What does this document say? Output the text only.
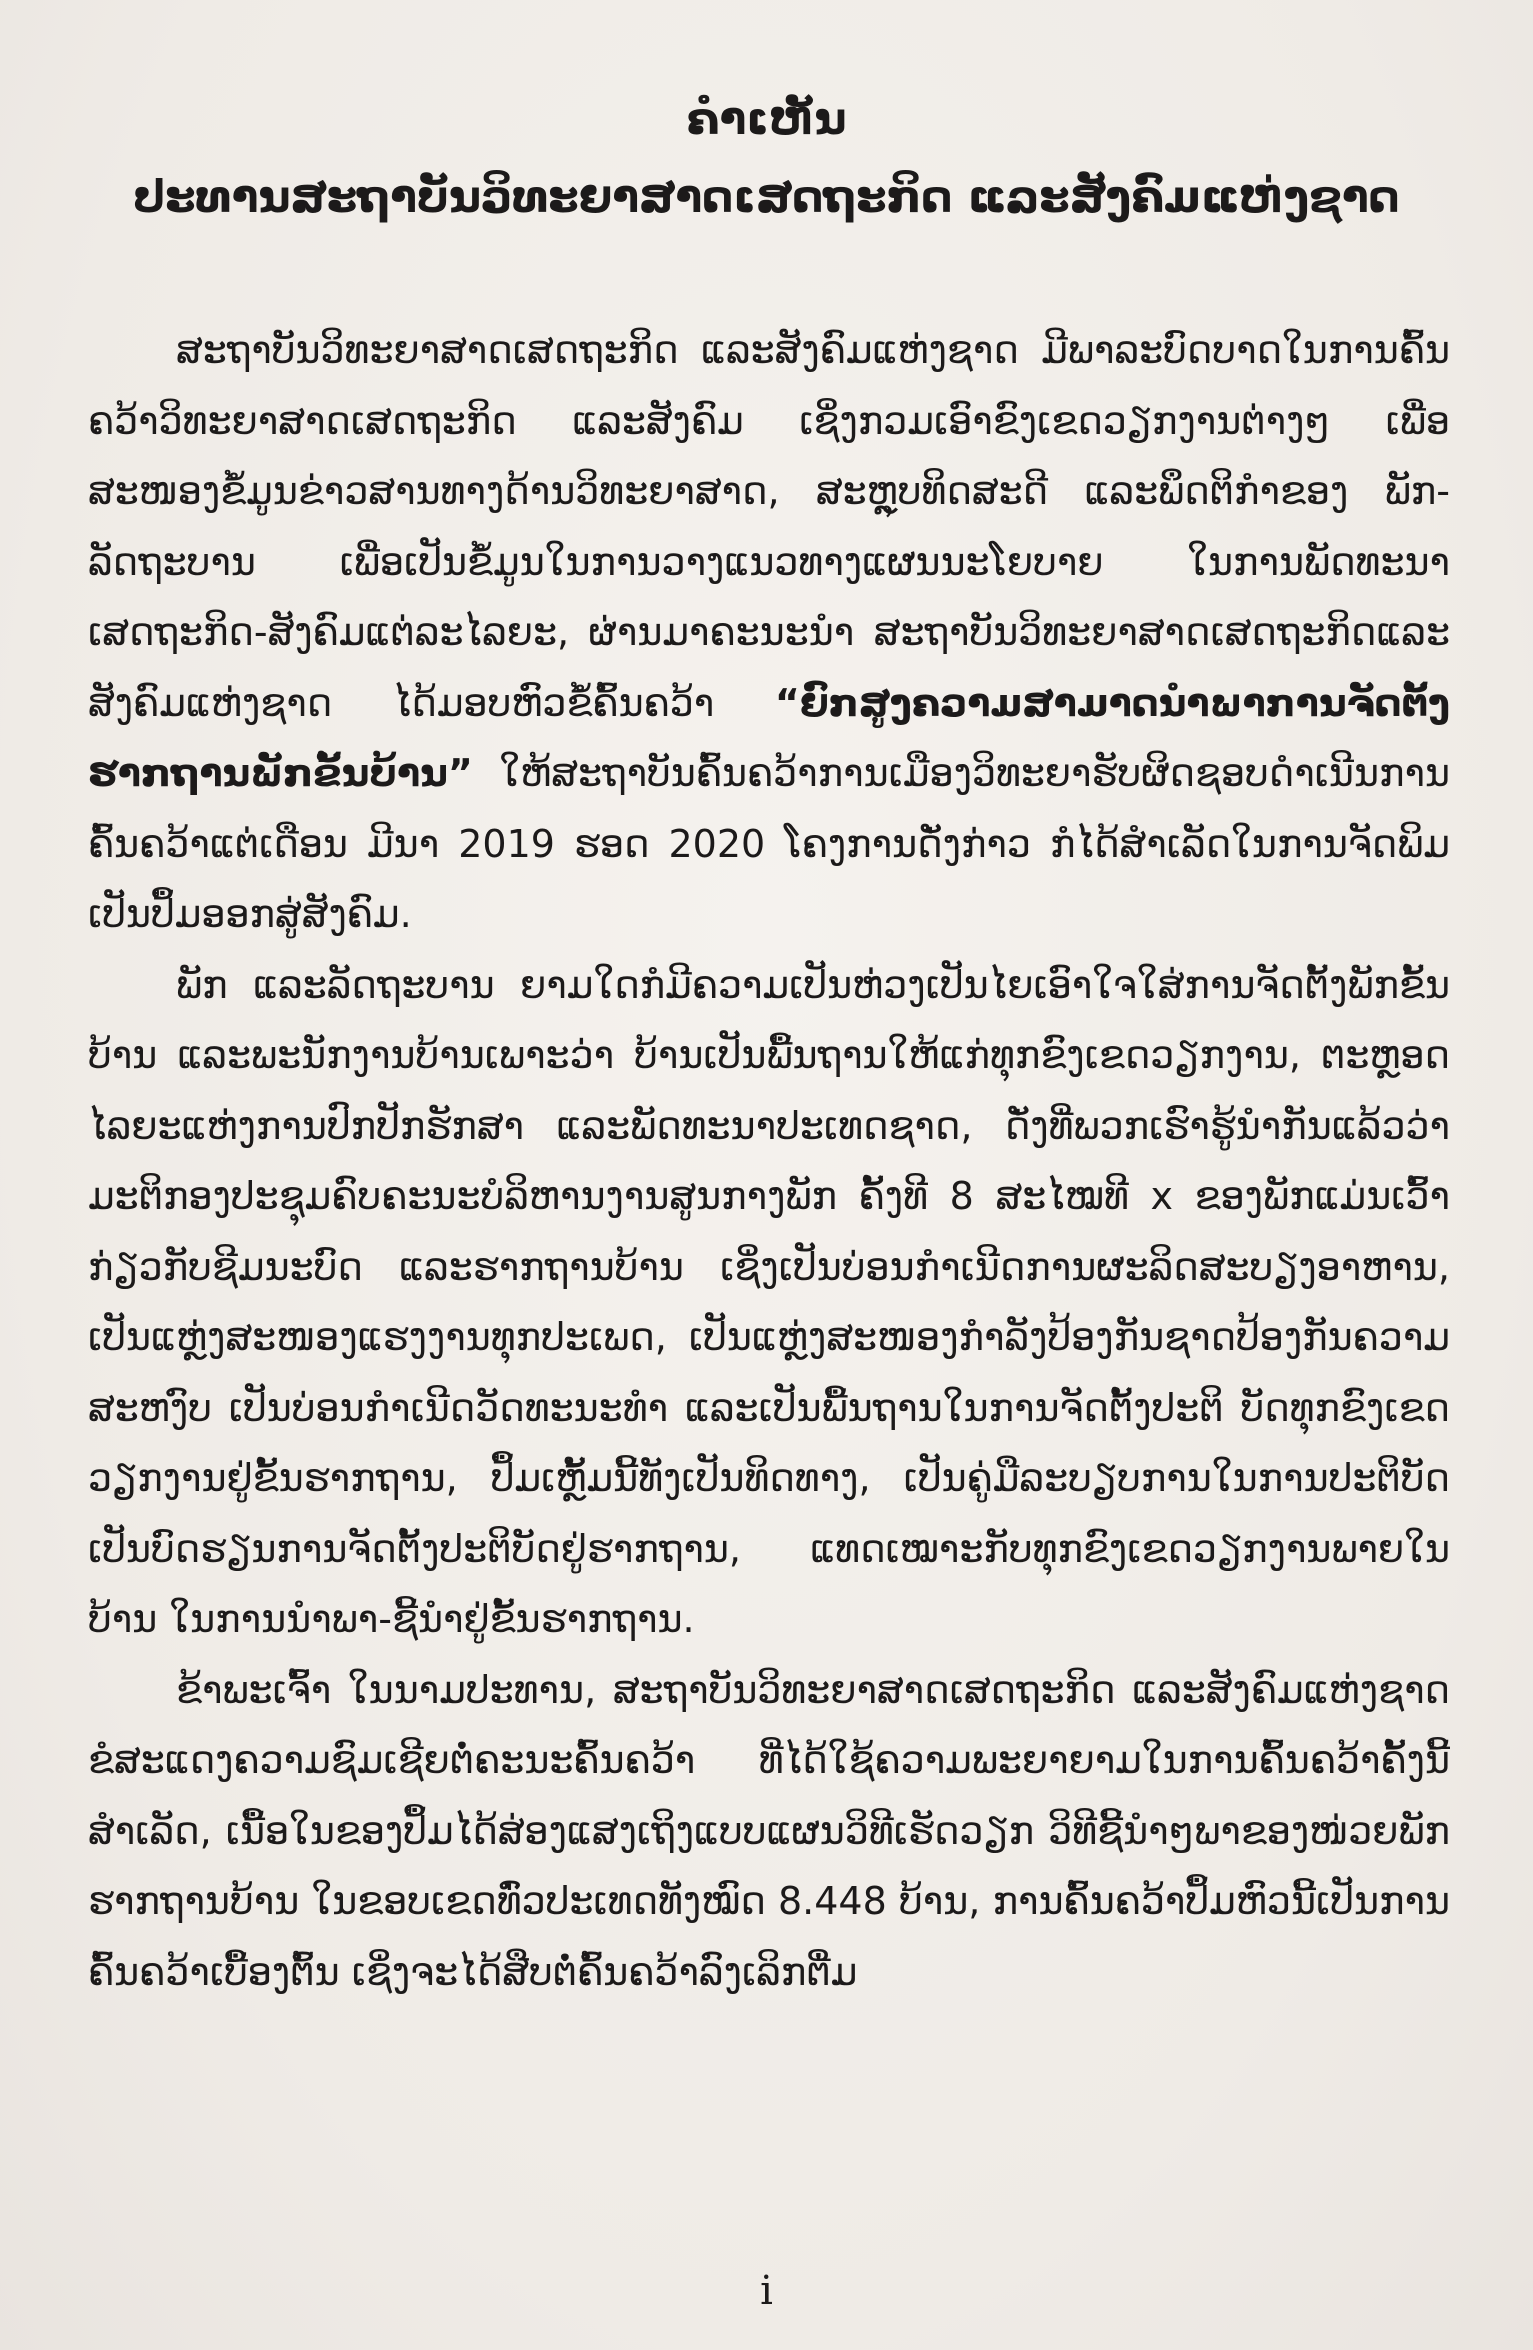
ຄຳເຫັນ
ປະທານສະຖາບັນວິທະຍາສາດເສດຖະກິດ ແລະສັງຄົມແຫ່ງຊາດ

ສະຖາບັນວິທະຍາສາດເສດຖະກິດ ແລະສັງຄົມແຫ່ງຊາດ ມີພາລະບົດບາດໃນການຄົ້ນຄວ້າວິທະຍາສາດເສດຖະກິດ ແລະສັງຄົມ ເຊິ່ງກວມເອົາຂົງເຂດວຽກງານຕ່າງໆ ເພື່ອສະໜອງຂໍ້ມູນຂ່າວສານທາງດ້ານວິທະຍາສາດ, ສະຫຼຸບທິດສະດີ ແລະພຶດຕິກຳຂອງ ພັກ-ລັດຖະບານ ເພື່ອເປັນຂໍ້ມູນໃນການວາງແນວທາງແຜນນະໂຍບາຍ ໃນການພັດທະນາເສດຖະກິດ-ສັງຄົມແຕ່ລະໄລຍະ, ຜ່ານມາຄະນະນຳ ສະຖາບັນວິທະຍາສາດເສດຖະກິດແລະສັງຄົມແຫ່ງຊາດ ໄດ້ມອບຫົວຂໍ້ຄົ້ນຄວ້າ “ຍົກສູງຄວາມສາມາດນຳພາການຈັດຕັ້ງຮາກຖານພັກຂັ້ນບ້ານ” ໃຫ້ສະຖາບັນຄົ້ນຄວ້າການເມືອງວິທະຍາຮັບຜິດຊອບດຳເນີນການຄົ້ນຄວ້າແຕ່ເດືອນ ມີນາ 2019 ຮອດ 2020 ໂຄງການດັ່ງກ່າວ ກໍໄດ້ສຳເລັດໃນການຈັດພິມເປັນປຶ້ມອອກສູ່ສັງຄົມ.

ພັກ ແລະລັດຖະບານ ຍາມໃດກໍມີຄວາມເປັນຫ່ວງເປັນໄຍເອົາໃຈໃສ່ການຈັດຕັ້ງພັກຂັ້ນບ້ານ ແລະພະນັກງານບ້ານເພາະວ່າ ບ້ານເປັນພື້ນຖານໃຫ້ແກ່ທຸກຂົງເຂດວຽກງານ, ຕະຫຼອດໄລຍະແຫ່ງການປົກປັກຮັກສາ ແລະພັດທະນາປະເທດຊາດ, ດັ່ງທີ່ພວກເຮົາຮູ້ນຳກັນແລ້ວວ່າ ມະຕິກອງປະຊຸມຄົບຄະນະບໍລິຫານງານສູນກາງພັກ ຄັ້ງທີ 8 ສະໄໝທີ x ຂອງພັກແມ່ນເວົ້າກ່ຽວກັບຊີມນະບົດ ແລະຮາກຖານບ້ານ ເຊິ່ງເປັນບ່ອນກຳເນີດການຜະລິດສະບຽງອາຫານ, ເປັນແຫຼ່ງສະໜອງແຮງງານທຸກປະເພດ, ເປັນແຫຼ່ງສະໜອງກຳລັງປ້ອງກັນຊາດປ້ອງກັນຄວາມສະຫງົບ ເປັນບ່ອນກຳເນີດວັດທະນະທຳ ແລະເປັນພື້ນຖານໃນການຈັດຕັ້ງປະຕິ ບັດທຸກຂົງເຂດວຽກງານຢູ່ຂັ້ນຮາກຖານ, ປຶ້ມເຫຼັ້ມນີ້ທັງເປັນທິດທາງ, ເປັນຄູ່ມືລະບຽບການໃນການປະຕິບັດ ເປັນບົດຮຽນການຈັດຕັ້ງປະຕິບັດຢູ່ຮາກຖານ, ແທດເໝາະກັບທຸກຂົງເຂດວຽກງານພາຍໃນບ້ານ ໃນການນຳພາ-ຊີ້ນຳຢູ່ຂັ້ນຮາກຖານ.

ຂ້າພະເຈົ້າ ໃນນາມປະທານ, ສະຖາບັນວິທະຍາສາດເສດຖະກິດ ແລະສັງຄົມແຫ່ງຊາດ ຂໍສະແດງຄວາມຊົມເຊີຍຕໍ່ຄະນະຄົ້ນຄວ້າ ທີ່ໄດ້ໃຊ້ຄວາມພະຍາຍາມໃນການຄົ້ນຄວ້າຄັ້ງນີ້ສຳເລັດ, ເນື້ອໃນຂອງປຶ້ມໄດ້ສ່ອງແສງເຖິງແບບແຜນວິທີເຮັດວຽກ ວິທີຊີ້ນຳໆພາຂອງໜ່ວຍພັກຮາກຖານບ້ານ ໃນຂອບເຂດທົ່ວປະເທດທັງໝົດ 8.448 ບ້ານ, ການຄົ້ນຄວ້າປຶ້ມຫົວນີ້ເປັນການຄົ້ນຄວ້າເບື້ອງຕົ້ນ ເຊິ່ງຈະໄດ້ສືບຕໍ່ຄົ້ນຄວ້າລົງເລິກຕື່ມ

i
